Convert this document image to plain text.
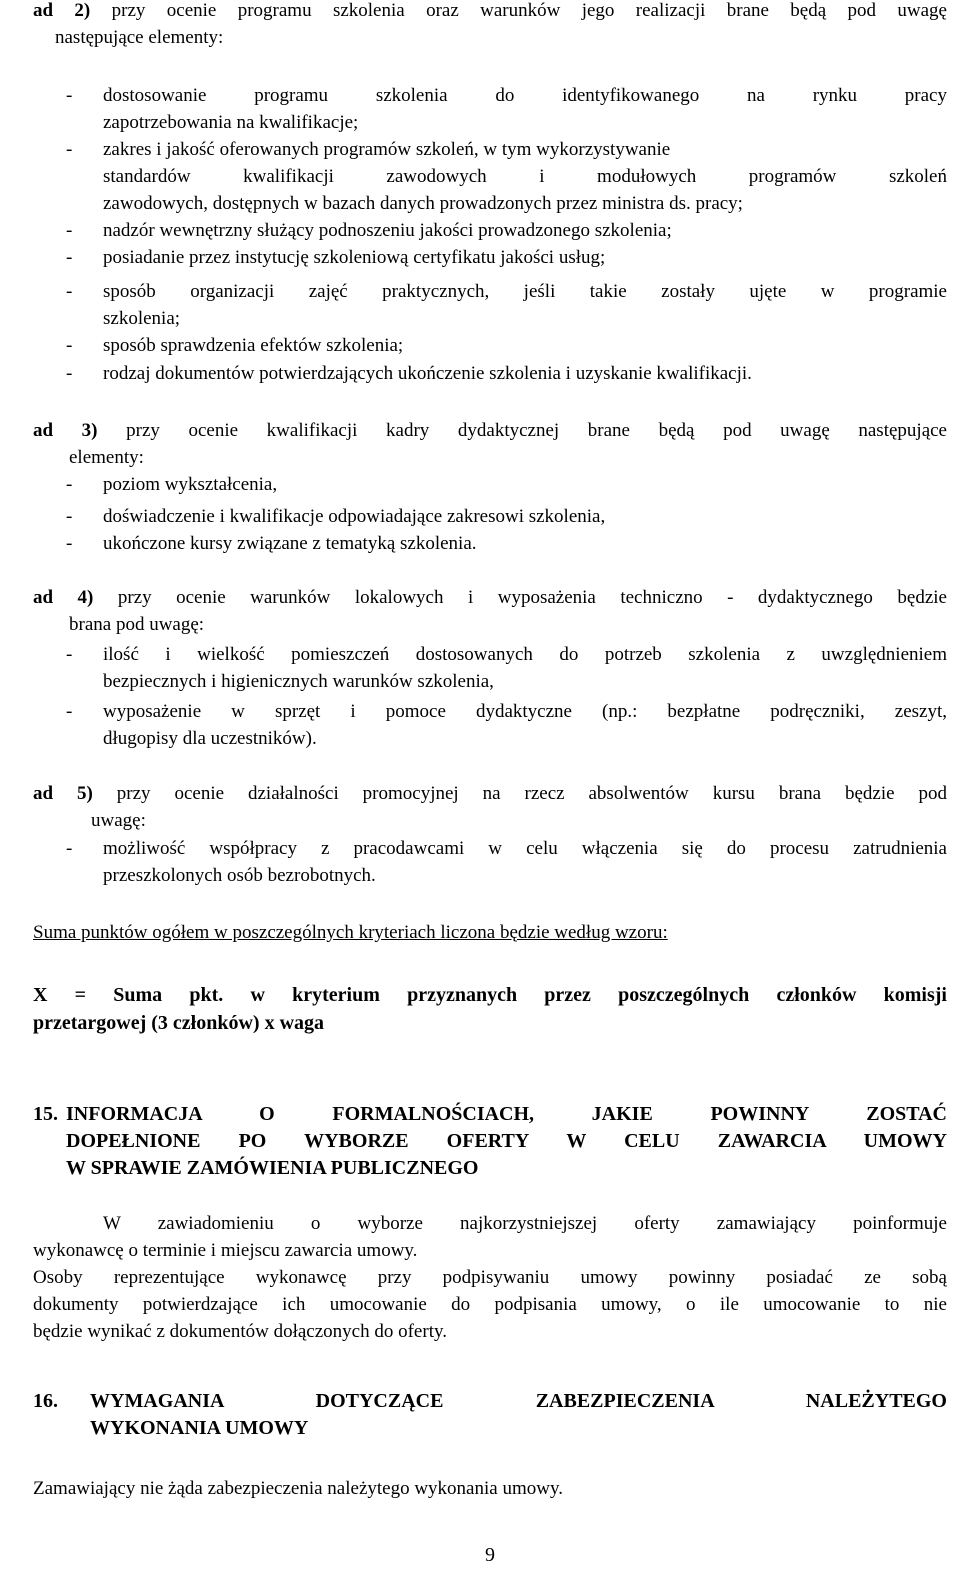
ad 2) przy ocenie programu szkolenia oraz warunków jego realizacji brane będą pod uwagę
następujące elementy:
- dostosowanie programu szkolenia do identyfikowanego na rynku pracy
zapotrzebowania na kwalifikacje;
- zakres i jakość oferowanych programów szkoleń, w tym wykorzystywanie
standardów kwalifikacji zawodowych i modułowych programów szkoleń
zawodowych, dostępnych w bazach danych prowadzonych przez ministra ds. pracy;
- nadzór wewnętrzny służący podnoszeniu jakości prowadzonego szkolenia;
- posiadanie przez instytucję szkoleniową certyfikatu jakości usług;
- sposób organizacji zajęć praktycznych, jeśli takie zostały ujęte w programie
szkolenia;
- sposób sprawdzenia efektów szkolenia;
- rodzaj dokumentów potwierdzających ukończenie szkolenia i uzyskanie kwalifikacji.
ad 3) przy ocenie kwalifikacji kadry dydaktycznej brane będą pod uwagę następujące
elementy:
- poziom wykształcenia,
- doświadczenie i kwalifikacje odpowiadające zakresowi szkolenia,
- ukończone kursy związane z tematyką szkolenia.
ad 4) przy ocenie warunków lokalowych i wyposażenia techniczno - dydaktycznego będzie
brana pod uwagę:
- ilość i wielkość pomieszczeń dostosowanych do potrzeb szkolenia z uwzględnieniem
bezpiecznych i higienicznych warunków szkolenia,
- wyposażenie w sprzęt i pomoce dydaktyczne (np.: bezpłatne podręczniki, zeszyt,
długopisy dla uczestników).
ad 5) przy ocenie działalności promocyjnej na rzecz absolwentów kursu brana będzie pod
uwagę:
- możliwość współpracy z pracodawcami w celu włączenia się do procesu zatrudnienia
przeszkolonych osób bezrobotnych.
Suma punktów ogółem w poszczególnych kryteriach liczona będzie według wzoru:
X = Suma pkt. w kryterium przyznanych przez poszczególnych członków komisji
przetargowej (3 członków) x waga
15. INFORMACJA O FORMALNOŚCIACH, JAKIE POWINNY ZOSTAĆ
DOPEŁNIONE PO WYBORZE OFERTY W CELU ZAWARCIA UMOWY
W SPRAWIE ZAMÓWIENIA PUBLICZNEGO
W zawiadomieniu o wyborze najkorzystniejszej oferty zamawiający poinformuje
wykonawcę o terminie i miejscu zawarcia umowy.
Osoby reprezentujące wykonawcę przy podpisywaniu umowy powinny posiadać ze sobą
dokumenty potwierdzające ich umocowanie do podpisania umowy, o ile umocowanie to nie
będzie wynikać z dokumentów dołączonych do oferty.
16.	WYMAGANIA DOTYCZĄCE ZABEZPIECZENIA NALEŻYTEGO
WYKONANIA UMOWY
Zamawiający nie żąda zabezpieczenia należytego wykonania umowy.
9
